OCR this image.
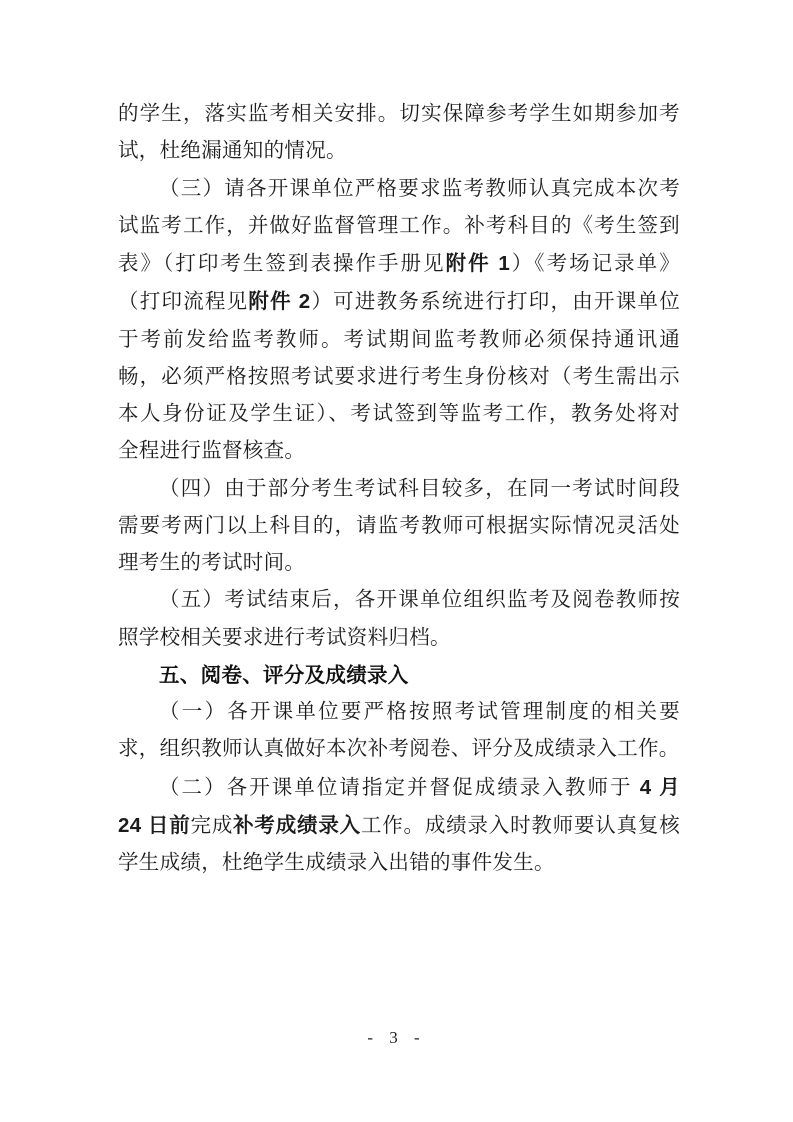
的学生，落实监考相关安排。切实保障参考学生如期参加考
试，杜绝漏通知的情况。
（三）请各开课单位严格要求监考教师认真完成本次考
试监考工作，并做好监督管理工作。补考科目的《考生签到
表》（打印考生签到表操作手册见附件 1）《考场记录单》
（打印流程见附件 2）可进教务系统进行打印，由开课单位
于考前发给监考教师。考试期间监考教师必须保持通讯通
畅，必须严格按照考试要求进行考生身份核对（考生需出示
本人身份证及学生证）、考试签到等监考工作，教务处将对
全程进行监督核查。
（四）由于部分考生考试科目较多，在同一考试时间段
需要考两门以上科目的，请监考教师可根据实际情况灵活处
理考生的考试时间。
（五）考试结束后，各开课单位组织监考及阅卷教师按
照学校相关要求进行考试资料归档。
五、阅卷、评分及成绩录入
（一）各开课单位要严格按照考试管理制度的相关要
求，组织教师认真做好本次补考阅卷、评分及成绩录入工作。
（二）各开课单位请指定并督促成绩录入教师于 4 月
24 日前完成补考成绩录入工作。成绩录入时教师要认真复核
学生成绩，杜绝学生成绩录入出错的事件发生。
- 3 -
